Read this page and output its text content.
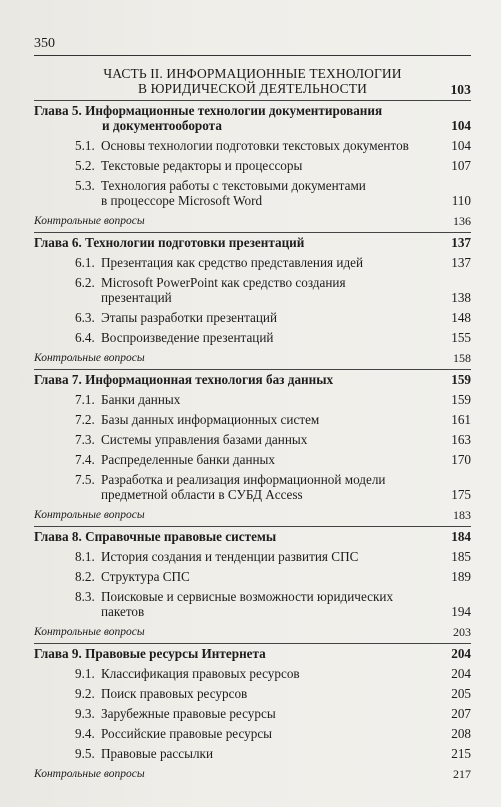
350
ЧАСТЬ II. ИНФОРМАЦИОННЫЕ ТЕХНОЛОГИИ
В ЮРИДИЧЕСКОЙ ДЕЯТЕЛЬНОСТИ	103
Глава 5. Информационные технологии документирования
и документооборота	104
5.1. Основы технологии подготовки текстовых документов	104
5.2. Текстовые редакторы и процессоры	107
5.3. Технология работы с текстовыми документами
в процессоре Microsoft Word	110
Контрольные вопросы	136
Глава 6. Технологии подготовки презентаций	137
6.1. Презентация как средство представления идей	137
6.2. Microsoft PowerPoint как средство создания
презентаций	138
6.3. Этапы разработки презентаций	148
6.4. Воспроизведение презентаций	155
Контрольные вопросы	158
Глава 7. Информационная технология баз данных	159
7.1. Банки данных	159
7.2. Базы данных информационных систем	161
7.3. Системы управления базами данных	163
7.4. Распределенные банки данных	170
7.5. Разработка и реализация информационной модели
предметной области в СУБД Access	175
Контрольные вопросы	183
Глава 8. Справочные правовые системы	184
8.1. История создания и тенденции развития СПС	185
8.2. Структура СПС	189
8.3. Поисковые и сервисные возможности юридических
пакетов	194
Контрольные вопросы	203
Глава 9. Правовые ресурсы Интернета	204
9.1. Классификация правовых ресурсов	204
9.2. Поиск правовых ресурсов	205
9.3. Зарубежные правовые ресурсы	207
9.4. Российские правовые ресурсы	208
9.5. Правовые рассылки	215
Контрольные вопросы	217
